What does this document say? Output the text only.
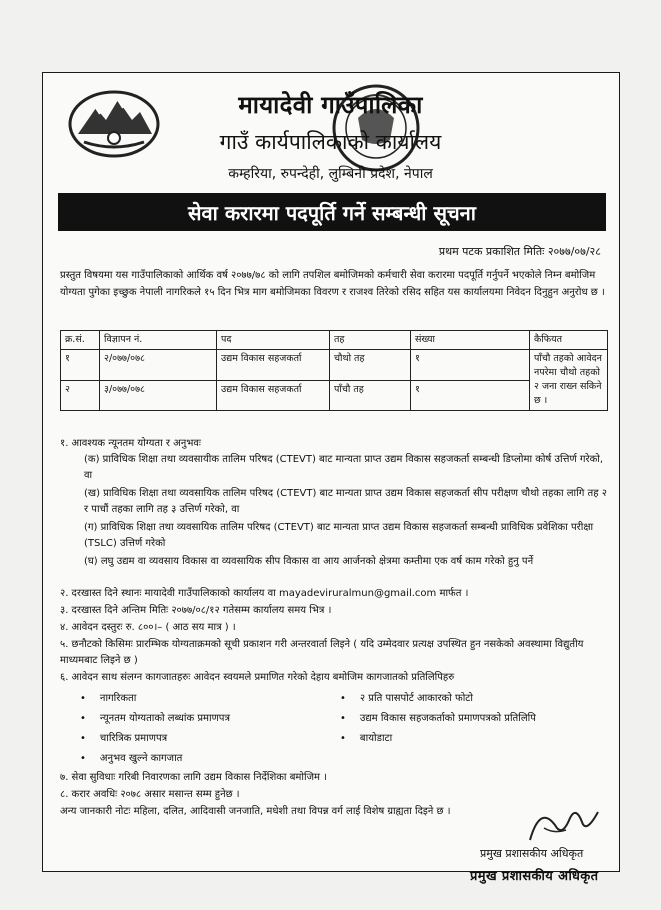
मायादेवी गाउँपालिका
गाउँ कार्यपालिकाको कार्यालय
कम्हरिया, रुपन्देही, लुम्बिनी प्रदेश, नेपाल
सेवा करारमा पदपूर्ति गर्ने सम्बन्धी सूचना
प्रथम पटक प्रकाशित मितिः २०७७/०७/२८
प्रस्तुत विषयमा यस गाउँपालिकाको आर्थिक वर्ष २०७७/७८ को लागि तपशिल बमोजिमको कर्मचारी सेवा करारमा पदपूर्ति गर्नुपर्ने भएकोले निम्न बमोजिम योग्यता पुगेका इच्छुक नेपाली नागरिकले १५ दिन भित्र माग बमोजिमका विवरण र राजश्व तिरेको रसिद सहित यस कार्यालयमा निवेदन दिनुहुन अनुरोध छ ।
क्र.सं.	विज्ञापन नं.	पद	तह	संख्या	कैफियत
१	२/०७७/०७८	उद्यम विकास सहजकर्ता	चौथो तह	१	पाँचौ तहको आवेदन नपरेमा चौथो तहको २ जना राख्न सकिने छ ।
२	३/०७७/०७८	उद्यम विकास सहजकर्ता	पाँचौ तह	१	
१. आवश्यक न्यूनतम योग्यता र अनुभवः
(क) प्राविधिक शिक्षा तथा व्यवसायीक तालिम परिषद (CTEVT) बाट मान्यता प्राप्त उद्यम विकास सहजकर्ता सम्बन्धी डिप्लोमा कोर्ष उत्तिर्ण गरेको, वा
(ख) प्राविधिक शिक्षा तथा व्यवसायिक तालिम परिषद (CTEVT) बाट मान्यता प्राप्त उद्यम विकास सहजकर्ता सीप परीक्षण चौथो तहका लागि तह २ र पाचौं तहका लागि तह ३ उत्तिर्ण गरेको, वा
(ग) प्राविधिक शिक्षा तथा व्यवसायिक तालिम परिषद (CTEVT) बाट मान्यता प्राप्त उद्यम विकास सहजकर्ता सम्बन्धी प्राविधिक प्रवेशिका परीक्षा (TSLC) उत्तिर्ण गरेको
(घ) लघु उद्यम वा व्यवसाय विकास वा व्यवसायिक सीप विकास वा आय आर्जनको क्षेत्रमा कम्तीमा एक वर्ष काम गरेको हुनु पर्ने
२. दरखास्त दिने स्थानः मायादेवी गाउँपालिकाको कार्यालय वा mayadeviruralmun@gmail.com मार्फत ।
३. दरखास्त दिने अन्तिम मितिः २०७७/०८/१२ गतेसम्म कार्यालय समय भित्र ।
४. आवेदन दस्तुरः रु. ८००।– ( आठ सय मात्र ) ।
५. छनौटको किसिमः प्रारम्भिक योग्यताक्रमको सूची प्रकाशन गरी अन्तरवार्ता लिइने ( यदि उम्मेदवार प्रत्यक्ष उपस्थित हुन नसकेको अवस्थामा विद्युतीय माध्यमबाट लिइने छ )
६. आवेदन साथ संलग्न कागजातहरुः आवेदन स्वयमले प्रमाणित गरेको देहाय बमोजिम कागजातको प्रतिलिपिहरु
• नागरिकता
• न्यूनतम योग्यताको लब्धांक प्रमाणपत्र
• चारित्रिक प्रमाणपत्र
• अनुभव खुल्ने कागजात
• २ प्रति पासपोर्ट आकारको फोटो
• उद्यम विकास सहजकर्ताको प्रमाणपत्रको प्रतिलिपि
• बायोडाटा
७. सेवा सुविधाः गरिबी निवारणका लागि उद्यम विकास निर्देशिका बमोजिम ।
८. करार अवधिः २०७८ असार मसान्त सम्म हुनेछ ।
अन्य जानकारी नोटः महिला, दलित, आदिवासी जनजाति, मधेशी तथा विपन्न वर्ग लाई विशेष ग्राह्यता दिइने छ ।
प्रमुख प्रशासकीय अधिकृत
प्रमुख प्रशासकीय अधिकृत
